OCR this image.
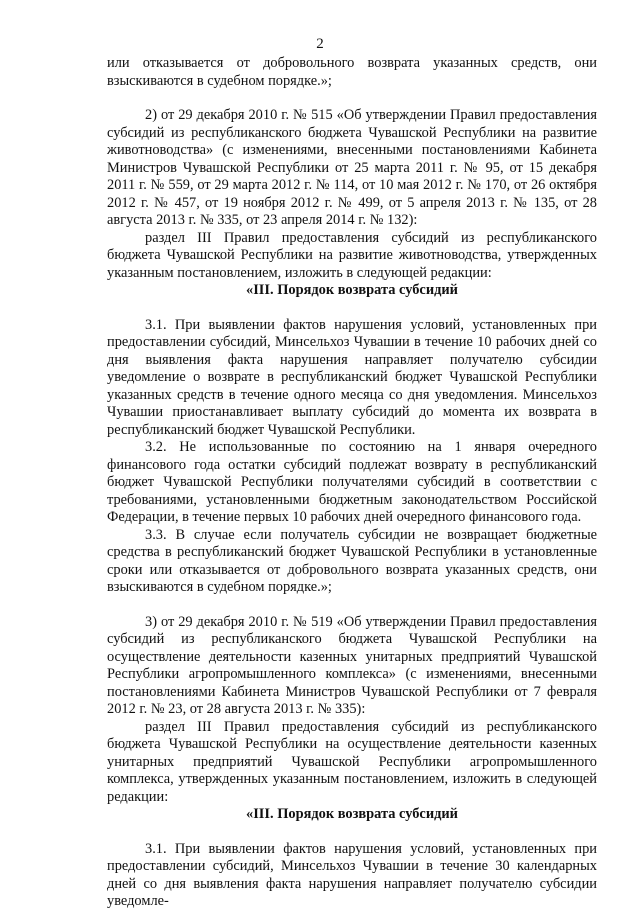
2

или отказывается от добровольного возврата указанных средств, они взыскиваются в судебном порядке.»;

2) от 29 декабря 2010 г. № 515 «Об утверждении Правил предоставления субсидий из республиканского бюджета Чувашской Республики на развитие животноводства» (с изменениями, внесенными постановлениями Кабинета Министров Чувашской Республики от 25 марта 2011 г. № 95, от 15 декабря 2011 г. № 559, от 29 марта 2012 г. № 114, от 10 мая 2012 г. № 170, от 26 октября 2012 г. № 457, от 19 ноября 2012 г. № 499, от 5 апреля 2013 г. № 135, от 28 августа 2013 г. № 335, от 23 апреля 2014 г. № 132):

раздел III Правил предоставления субсидий из республиканского бюджета Чувашской Республики на развитие животноводства, утвержденных указанным постановлением, изложить в следующей редакции:

«III. Порядок возврата субсидий

3.1. При выявлении фактов нарушения условий, установленных при предоставлении субсидий, Минсельхоз Чувашии в течение 10 рабочих дней со дня выявления факта нарушения направляет получателю субсидии уведомление о возврате в республиканский бюджет Чувашской Республики указанных средств в течение одного месяца со дня уведомления. Минсельхоз Чувашии приостанавливает выплату субсидий до момента их возврата в республиканский бюджет Чувашской Республики.

3.2. Не использованные по состоянию на 1 января очередного финансового года остатки субсидий подлежат возврату в республиканский бюджет Чувашской Республики получателями субсидий в соответствии с требованиями, установленными бюджетным законодательством Российской Федерации, в течение первых 10 рабочих дней очередного финансового года.

3.3. В случае если получатель субсидии не возвращает бюджетные средства в республиканский бюджет Чувашской Республики в установленные сроки или отказывается от добровольного возврата указанных средств, они взыскиваются в судебном порядке.»;

3) от 29 декабря 2010 г. № 519 «Об утверждении Правил предоставления субсидий из республиканского бюджета Чувашской Республики на осуществление деятельности казенных унитарных предприятий Чувашской Республики агропромышленного комплекса» (с изменениями, внесенными постановлениями Кабинета Министров Чувашской Республики от 7 февраля 2012 г. № 23, от 28 августа 2013 г. № 335):

раздел III Правил предоставления субсидий из республиканского бюджета Чувашской Республики на осуществление деятельности казенных унитарных предприятий Чувашской Республики агропромышленного комплекса, утвержденных указанным постановлением, изложить в следующей редакции:

«III. Порядок возврата субсидий

3.1. При выявлении фактов нарушения условий, установленных при предоставлении субсидий, Минсельхоз Чувашии в течение 30 календарных дней со дня выявления факта нарушения направляет получателю субсидии уведомле-
